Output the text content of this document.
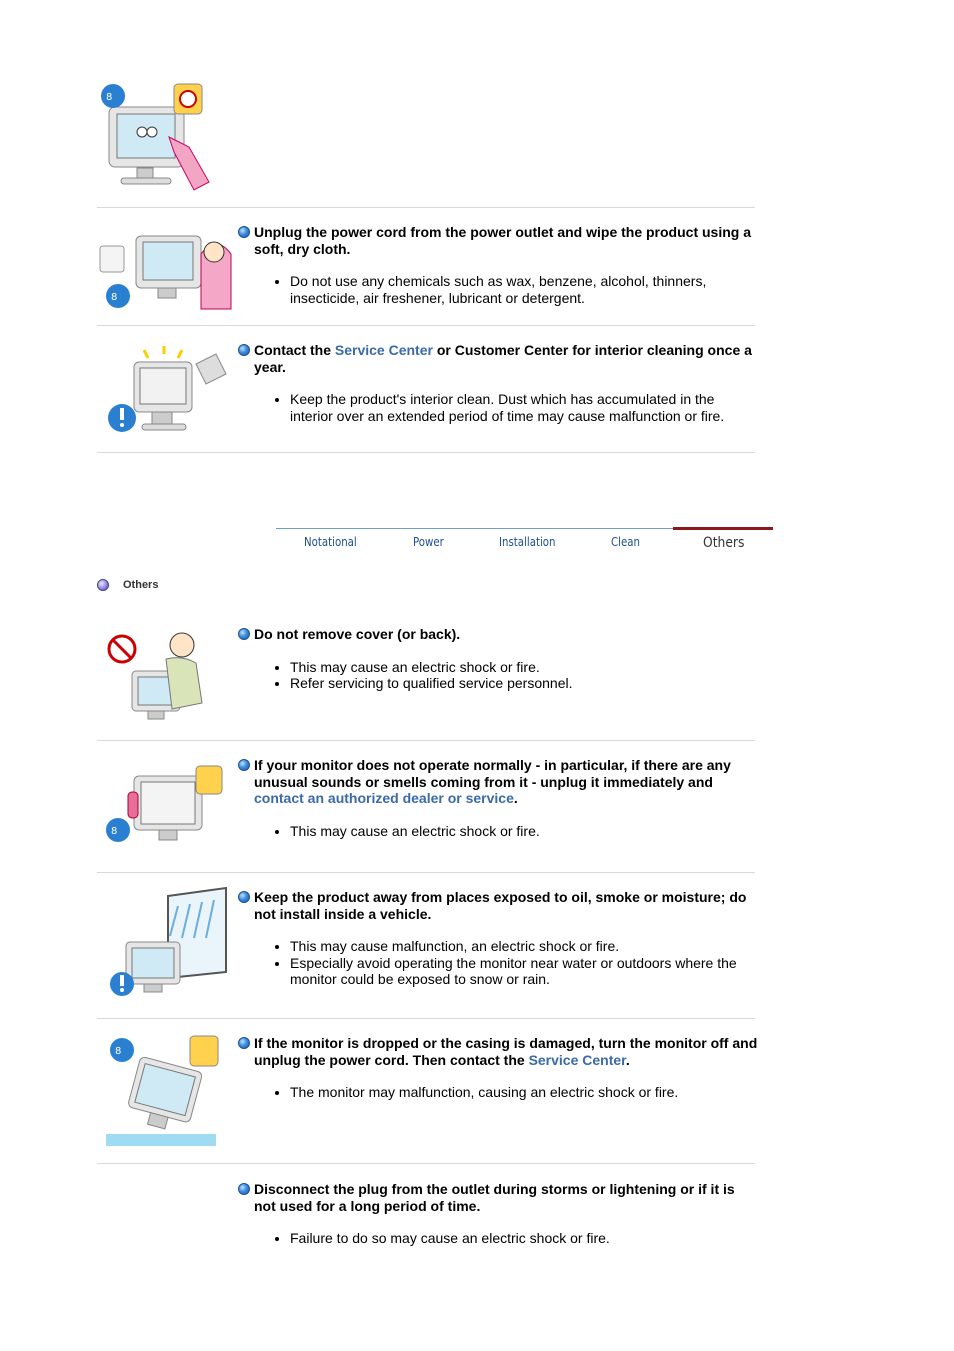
8
8
Unplug the power cord from the power outlet and wipe the product using a soft, dry cloth.
• Do not use any chemicals such as wax, benzene, alcohol, thinners, insecticide, air freshener, lubricant or detergent.
Contact the Service Center or Customer Center for interior cleaning once a year.
• Keep the product's interior clean. Dust which has accumulated in the interior over an extended period of time may cause malfunction or fire.
Notational	Power	Installation	Clean	Others
Others
Do not remove cover (or back).
• This may cause an electric shock or fire.
• Refer servicing to qualified service personnel.
8
If your monitor does not operate normally - in particular, if there are any unusual sounds or smells coming from it - unplug it immediately and contact an authorized dealer or service.
• This may cause an electric shock or fire.
Keep the product away from places exposed to oil, smoke or moisture; do not install inside a vehicle.
• This may cause malfunction, an electric shock or fire.
• Especially avoid operating the monitor near water or outdoors where the monitor could be exposed to snow or rain.
8
If the monitor is dropped or the casing is damaged, turn the monitor off and unplug the power cord. Then contact the Service Center.
• The monitor may malfunction, causing an electric shock or fire.
Disconnect the plug from the outlet during storms or lightening or if it is not used for a long period of time.
• Failure to do so may cause an electric shock or fire.
